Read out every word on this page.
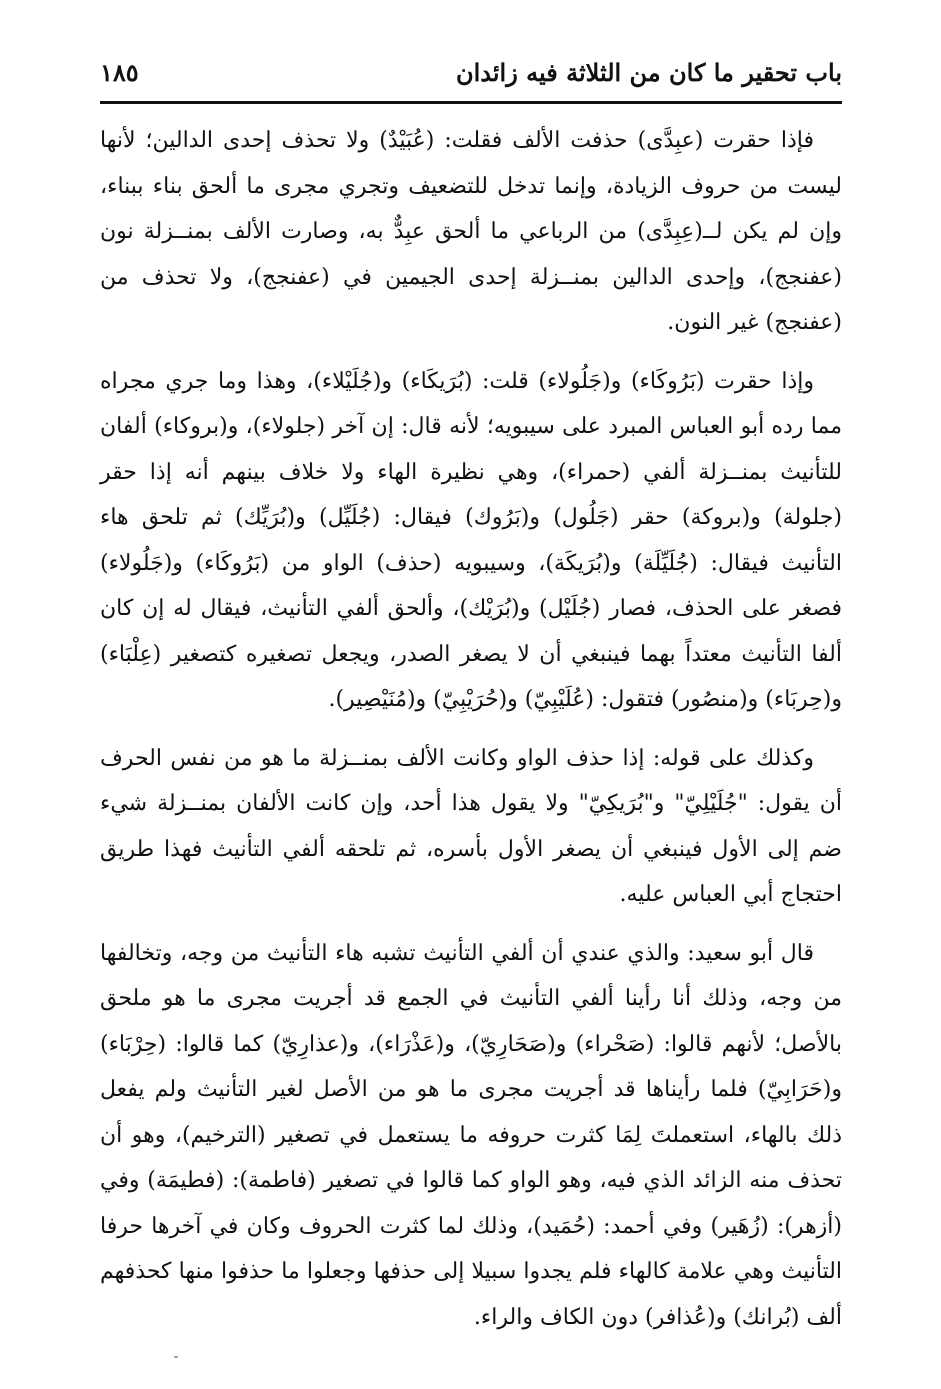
باب تحقير ما كان من الثلاثة فيه زائدان
١٨٥

فإذا حقرت (عبِدَّى) حذفت الألف فقلت: (عُبَيْدٌ) ولا تحذف إحدى الدالين؛ لأنها ليست من حروف الزيادة، وإنما تدخل للتضعيف وتجري مجرى ما ألحق بناء ببناء، وإن لم يكن لــ(عِبِدَّى) من الرباعي ما ألحق عبِدٌّ به، وصارت الألف بمنــزلة نون (عفنجج)، وإحدى الدالين بمنــزلة إحدى الجيمين في (عفنجج)، ولا تحذف من (عفنجج) غير النون.

وإذا حقرت (بَرُوكَاء) و(جَلُولاء) قلت: (بُرَيكَاء) و(جُلَيْلاء)، وهذا وما جري مجراه مما رده أبو العباس المبرد على سيبويه؛ لأنه قال: إن آخر (جلولاء)، و(بروكاء) ألفان للتأنيث بمنــزلة ألفي (حمراء)، وهي نظيرة الهاء ولا خلاف بينهم أنه إذا حقر (جلولة) و(بروكة) حقر (جَلُول) و(بَرُوك) فيقال: (جُلَيِّل) و(بُرَيِّك) ثم تلحق هاء التأنيث فيقال: (جُلَيِّلَة) و(بُرَيكَة)، وسيبويه (حذف) الواو من (بَرُوكَاء) و(جَلُولاء) فصغر على الحذف، فصار (جُلَيْل) و(بُرَيْك)، وألحق ألفي التأنيث، فيقال له إن كان ألفا التأنيث معتداً بهما فينبغي أن لا يصغر الصدر، ويجعل تصغيره كتصغير (عِلْبَاء) و(حِربَاء) و(منصُور) فتقول: (عُلَيْبِيّ) و(حُرَيْبِيّ) و(مُنَيْصِير).

وكذلك على قوله: إذا حذف الواو وكانت الألف بمنــزلة ما هو من نفس الحرف أن يقول: "جُلَيْلِيّ" و"بُرَيكِيّ" ولا يقول هذا أحد، وإن كانت الألفان بمنــزلة شيء ضم إلى الأول فينبغي أن يصغر الأول بأسره، ثم تلحقه ألفي التأنيث فهذا طريق احتجاج أبي العباس عليه.

قال أبو سعيد: والذي عندي أن ألفي التأنيث تشبه هاء التأنيث من وجه، وتخالفها من وجه، وذلك أنا رأينا ألفي التأنيث في الجمع قد أجريت مجرى ما هو ملحق بالأصل؛ لأنهم قالوا: (صَحْراء) و(صَحَارِيّ)، و(عَذْرَاء)، و(عذارِيّ) كما قالوا: (حِرْبَاء) و(حَرَابِيّ) فلما رأيناها قد أجريت مجرى ما هو من الأصل لغير التأنيث ولم يفعل ذلك بالهاء، استعملتَ لِمَا كثرت حروفه ما يستعمل في تصغير (الترخيم)، وهو أن تحذف منه الزائد الذي فيه، وهو الواو كما قالوا في تصغير (فاطمة): (فطيمَة) وفي (أزهر): (زُهَير) وفي أحمد: (حُمَيد)، وذلك لما كثرت الحروف وكان في آخرها حرفا التأنيث وهي علامة كالهاء فلم يجدوا سبيلا إلى حذفها وجعلوا ما حذفوا منها كحذفهم ألف (بُرانك) و(عُذافر) دون الكاف والراء.
